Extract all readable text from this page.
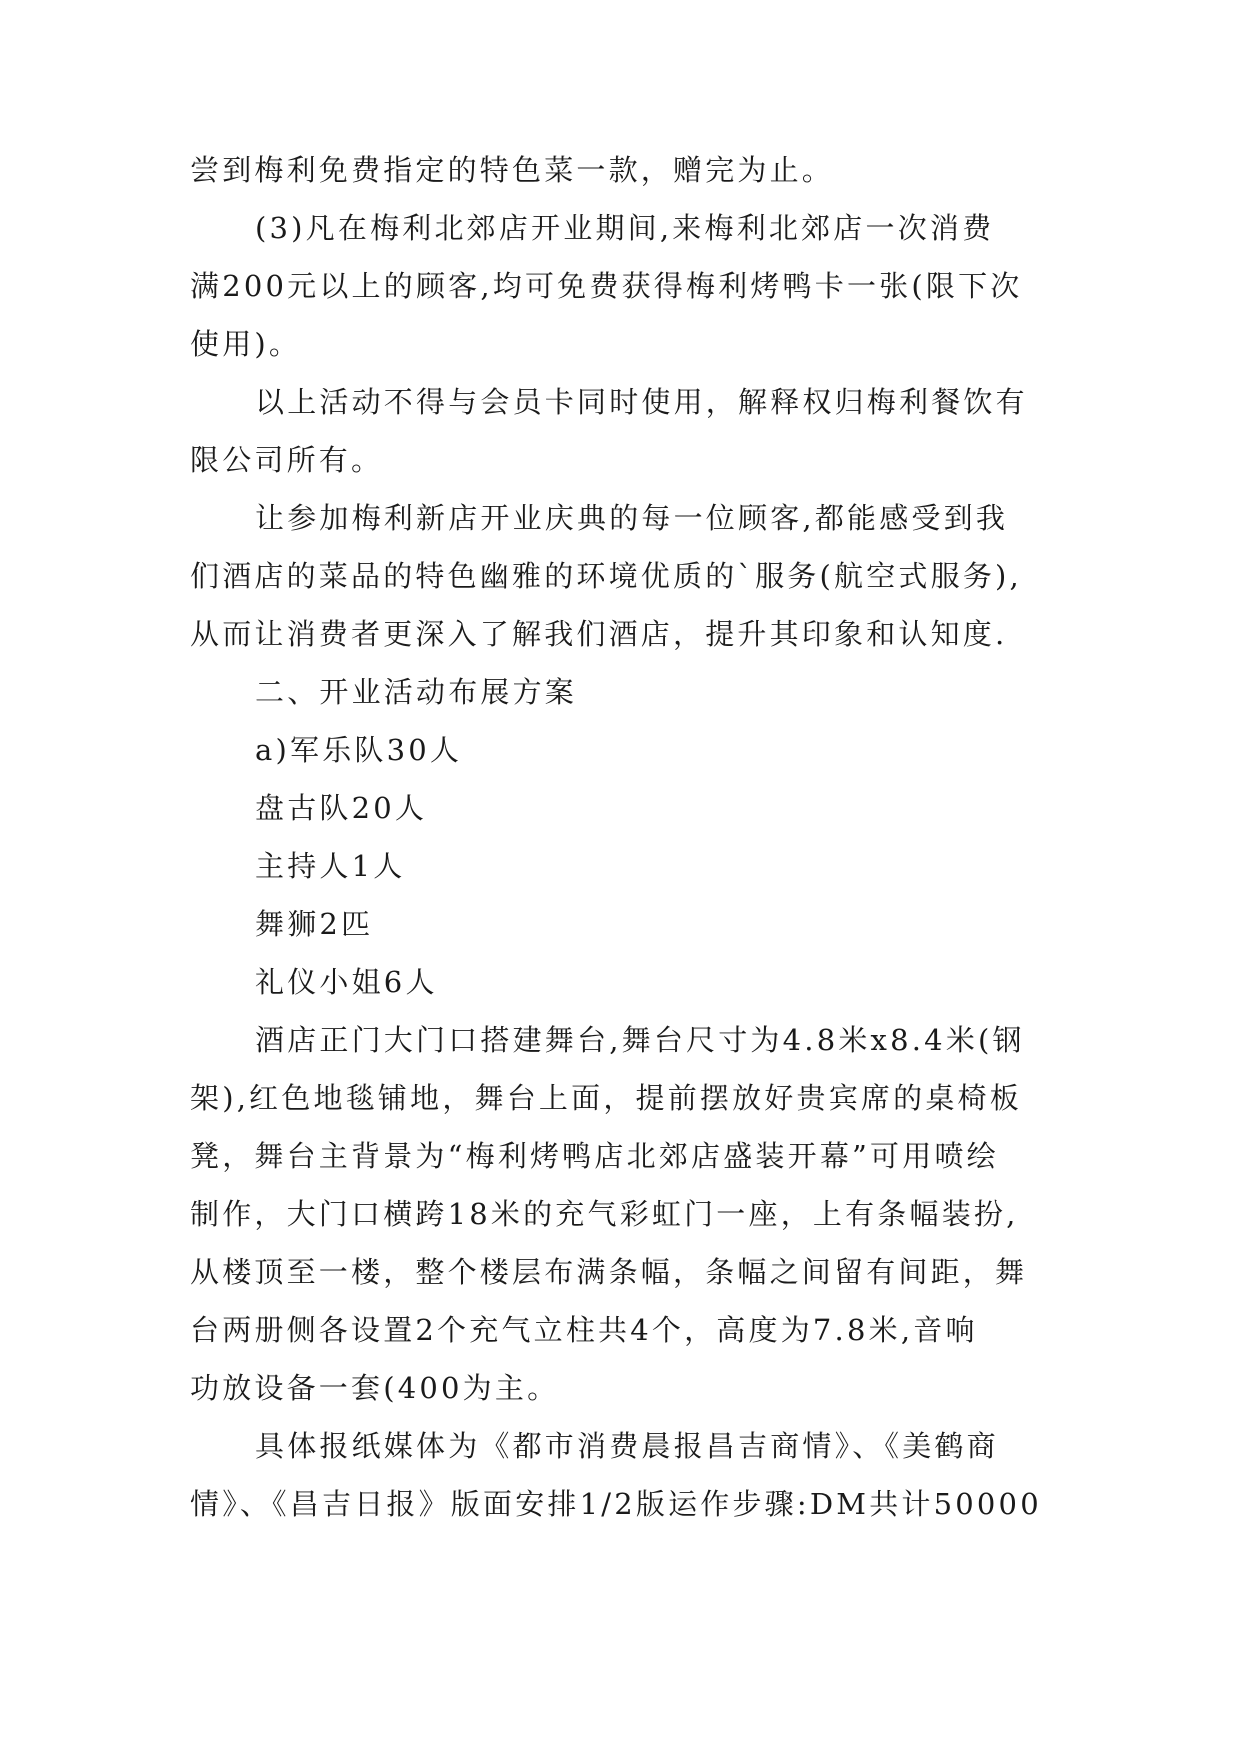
尝到梅利免费指定的特色菜一款，赠完为止。
(3)凡在梅利北郊店开业期间,来梅利北郊店一次消费
满200元以上的顾客,均可免费获得梅利烤鸭卡一张(限下次
使用)。
以上活动不得与会员卡同时使用，解释权归梅利餐饮有
限公司所有。
让参加梅利新店开业庆典的每一位顾客,都能感受到我
们酒店的菜品的特色幽雅的环境优质的`服务(航空式服务),
从而让消费者更深入了解我们酒店，提升其印象和认知度.
二、开业活动布展方案
a)军乐队30人
盘古队20人
主持人1人
舞狮2匹
礼仪小姐6人
酒店正门大门口搭建舞台,舞台尺寸为4.8米x8.4米(钢
架),红色地毯铺地，舞台上面，提前摆放好贵宾席的桌椅板
凳，舞台主背景为“梅利烤鸭店北郊店盛装开幕”可用喷绘
制作，大门口横跨18米的充气彩虹门一座，上有条幅装扮,
从楼顶至一楼，整个楼层布满条幅，条幅之间留有间距，舞
台两册侧各设置2个充气立柱共4个，高度为7.8米,音响
功放设备一套(400为主。
具体报纸媒体为《都市消费晨报昌吉商情》、《美鹤商
情》、《昌吉日报》版面安排1/2版运作步骤:DM共计50000
